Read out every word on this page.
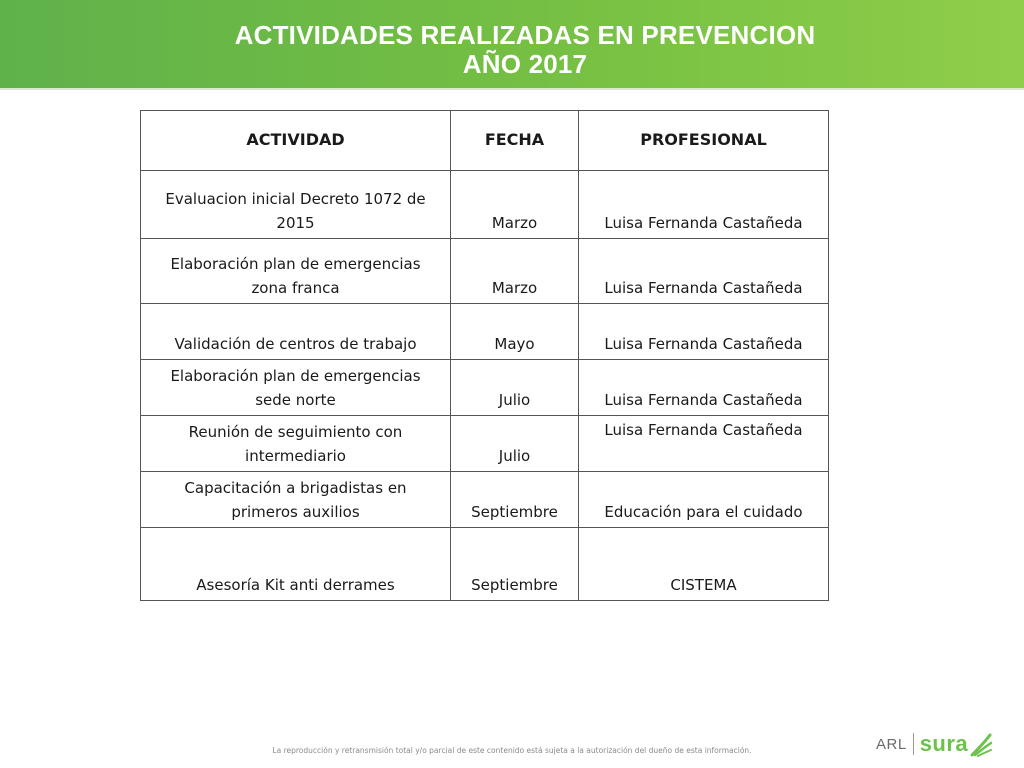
ACTIVIDADES REALIZADAS EN PREVENCION
AÑO 2017
ACTIVIDAD	FECHA	PROFESIONAL
Evaluacion inicial Decreto 1072 de
2015	Marzo	Luisa Fernanda Castañeda
Elaboración plan de emergencias
zona franca	Marzo	Luisa Fernanda Castañeda
Validación de centros de trabajo	Mayo	Luisa Fernanda Castañeda
Elaboración plan de emergencias
sede norte	Julio	Luisa Fernanda Castañeda
Reunión de seguimiento con
intermediario	Julio	Luisa Fernanda Castañeda
Capacitación a brigadistas en
primeros auxilios	Septiembre	Educación para el cuidado
Asesoría Kit anti derrames	Septiembre	CISTEMA
La reproducción y retransmisión total y/o parcial de este contenido está sujeta a la autorización del dueño de esta información.	ARL sura
